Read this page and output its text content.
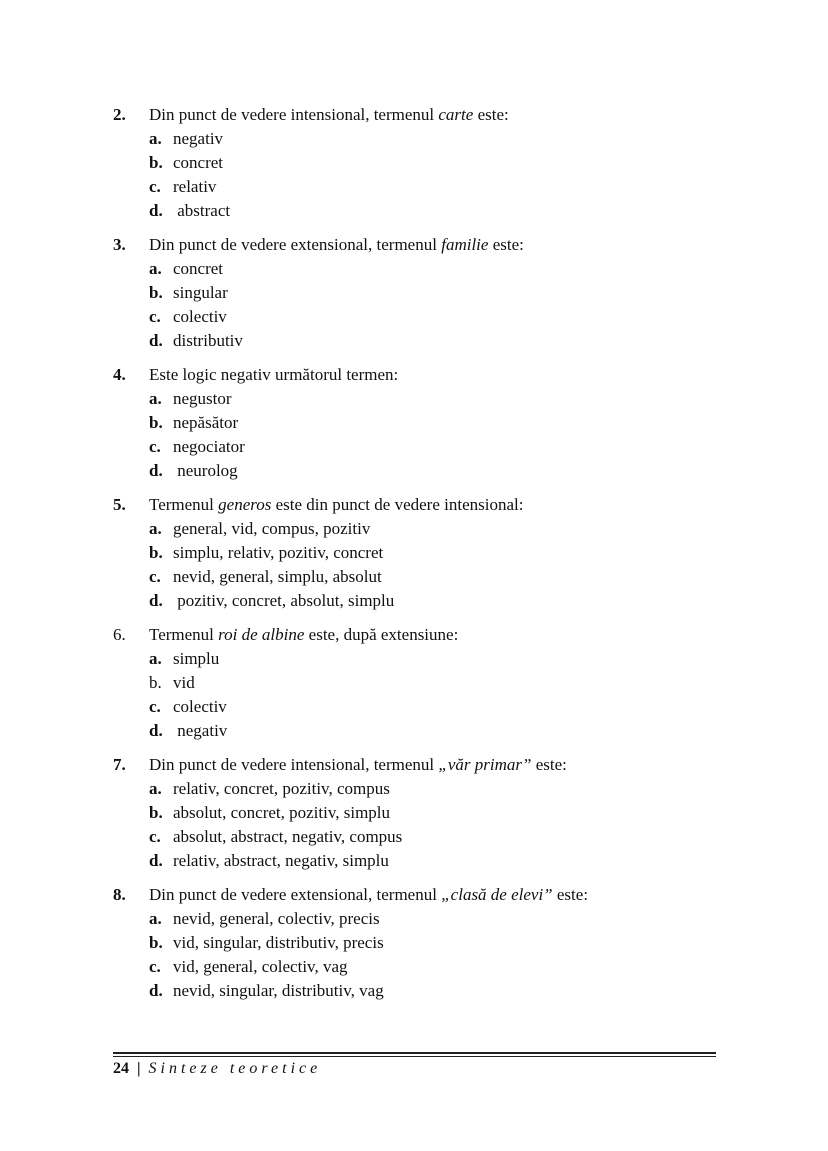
2.	Din punct de vedere intensional, termenul carte este:
a. negativ
b. concret
c. relativ
d. abstract
3.	Din punct de vedere extensional, termenul familie este:
a. concret
b. singular
c. colectiv
d. distributiv
4.	Este logic negativ următorul termen:
a. negustor
b. nepăsător
c. negociator
d. neurolog
5.	Termenul generos este din punct de vedere intensional:
a. general, vid, compus, pozitiv
b. simplu, relativ, pozitiv, concret
c. nevid, general, simplu, absolut
d. pozitiv, concret, absolut, simplu
6.	Termenul roi de albine este, după extensiune:
a. simplu
b. vid
c. colectiv
d. negativ
7.	Din punct de vedere intensional, termenul „văr primar” este:
a. relativ, concret, pozitiv, compus
b. absolut, concret, pozitiv, simplu
c. absolut, abstract, negativ, compus
d. relativ, abstract, negativ, simplu
8.	Din punct de vedere extensional, termenul „clasă de elevi” este:
a. nevid, general, colectiv, precis
b. vid, singular, distributiv, precis
c. vid, general, colectiv, vag
d. nevid, singular, distributiv, vag
24 | Sinteze teoretice
